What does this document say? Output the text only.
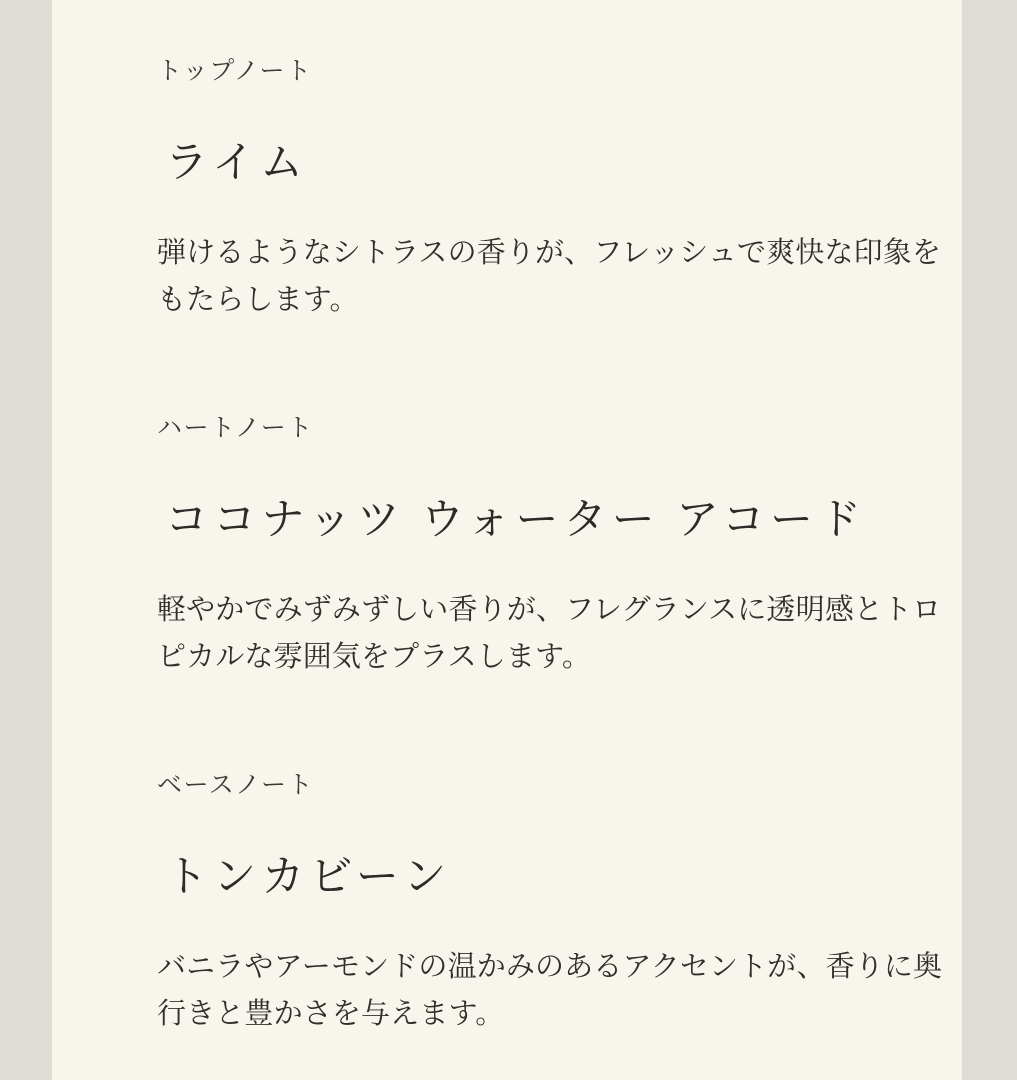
トップノート
ライム
弾けるようなシトラスの香りが、フレッシュで爽快な印象をもたらします。
ハートノート
ココナッツ ウォーター アコード
軽やかでみずみずしい香りが、フレグランスに透明感とトロピカルな雰囲気をプラスします。
ベースノート
トンカビーン
バニラやアーモンドの温かみのあるアクセントが、香りに奥行きと豊かさを与えます。
